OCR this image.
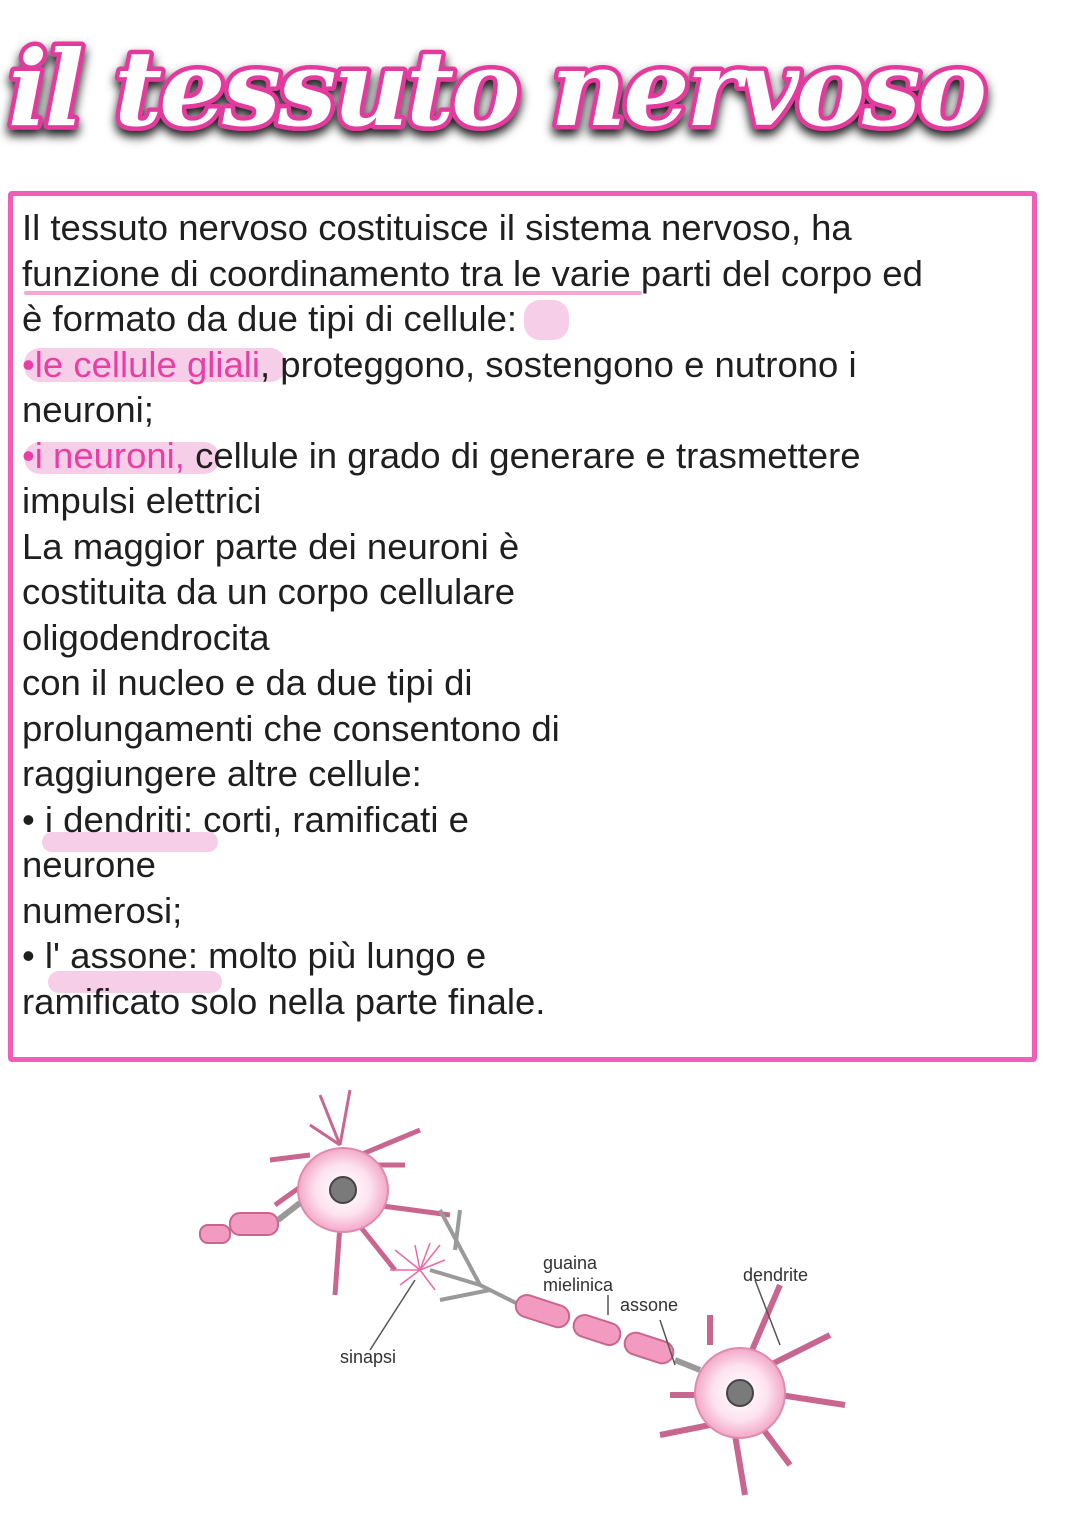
il tessuto nervoso
Il tessuto nervoso costituisce il sistema nervoso, ha
funzione di coordinamento tra le varie parti del corpo ed
è formato da due tipi di cellule:
•le cellule gliali, proteggono, sostengono e nutrono i
neuroni;
•i neuroni, cellule in grado di generare e trasmettere
impulsi elettrici
La maggior parte dei neuroni è
costituita da un corpo cellulare
oligodendrocita
con il nucleo e da due tipi di
prolungamenti che consentono di
raggiungere altre cellule:
• i dendriti: corti, ramificati e
neurone
numerosi;
• l' assone: molto più lungo e
ramificato solo nella parte finale.
guaina
mielinica
assone
dendrite
sinapsi
